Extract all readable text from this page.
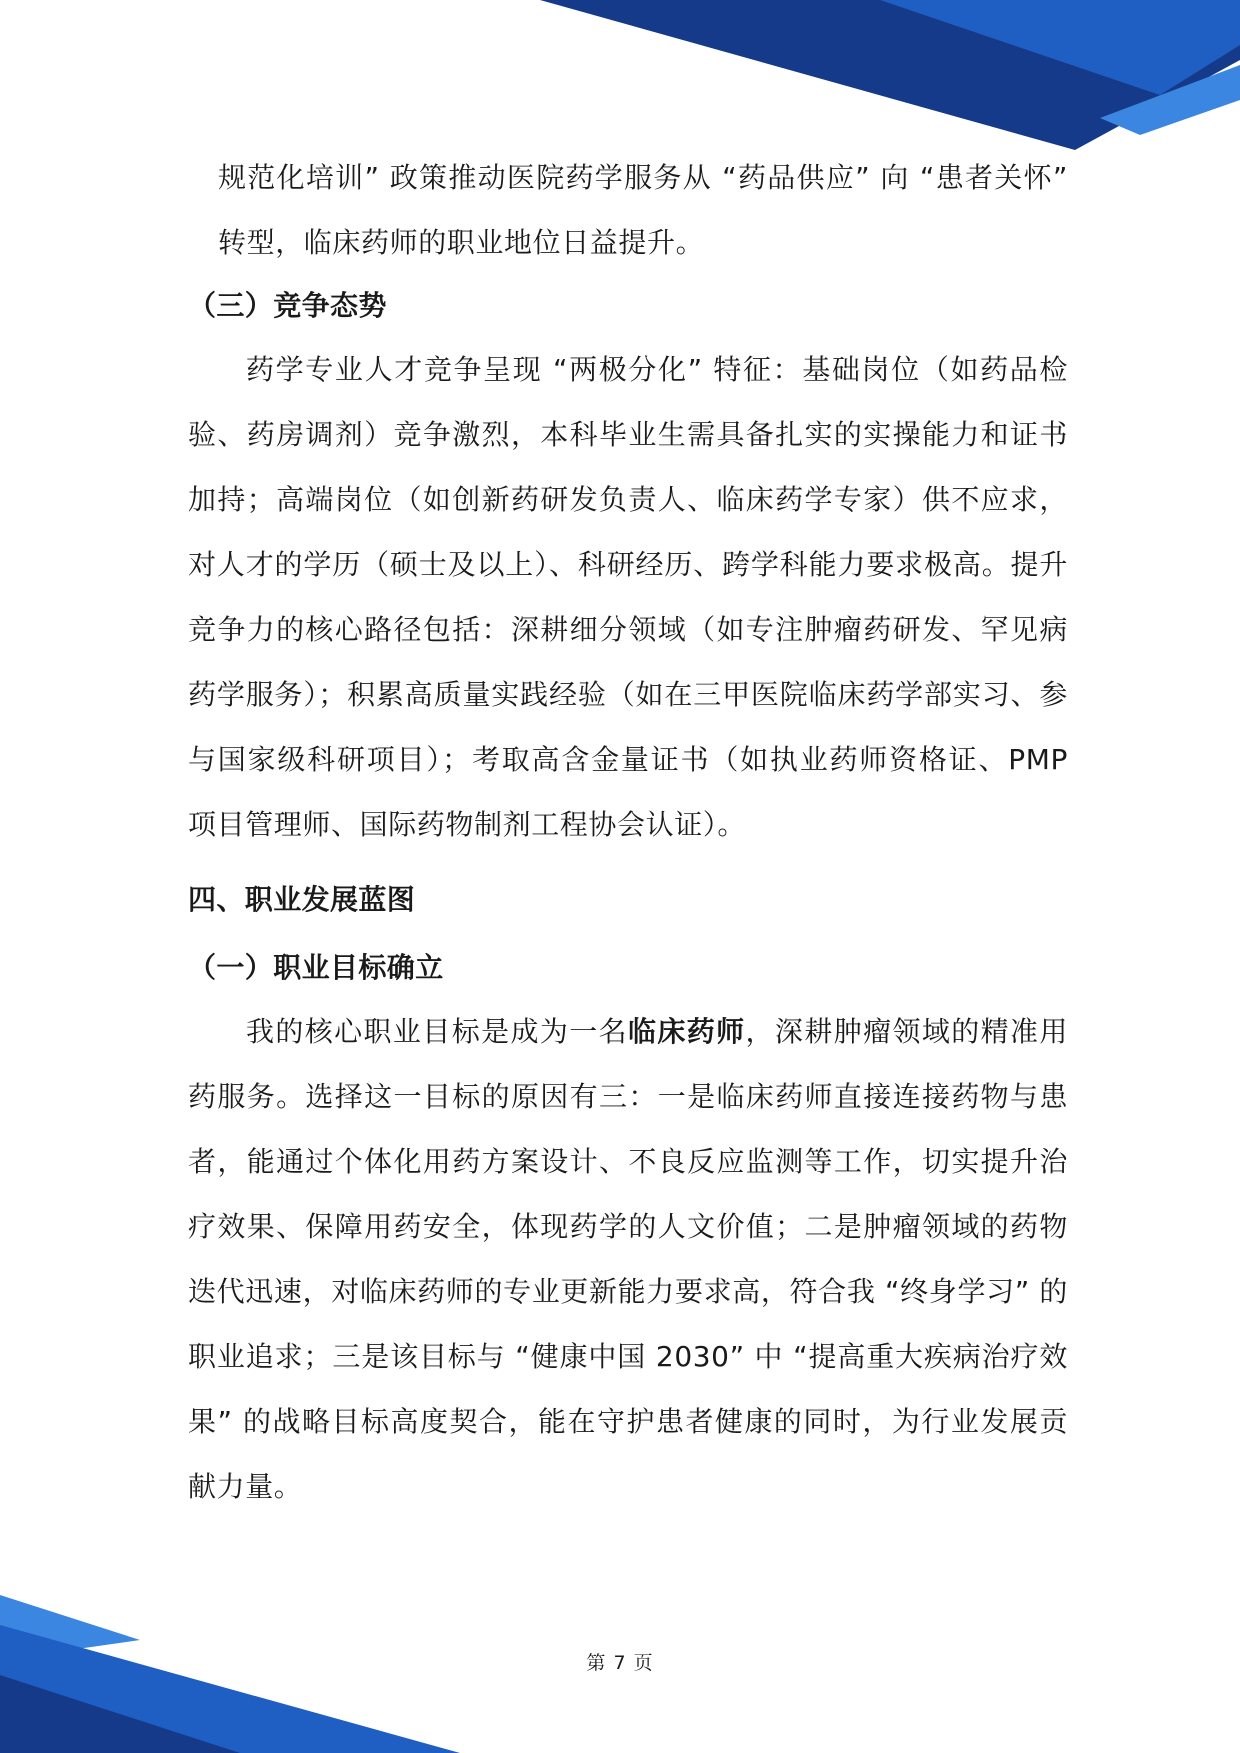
规范化培训” 政策推动医院药学服务从 “药品供应” 向 “患者关怀” 转型，临床药师的职业地位日益提升。

（三）竞争态势

药学专业人才竞争呈现 “两极分化” 特征：基础岗位（如药品检验、药房调剂）竞争激烈，本科毕业生需具备扎实的实操能力和证书加持；高端岗位（如创新药研发负责人、临床药学专家）供不应求，对人才的学历（硕士及以上）、科研经历、跨学科能力要求极高。提升竞争力的核心路径包括：深耕细分领域（如专注肿瘤药研发、罕见病药学服务）；积累高质量实践经验（如在三甲医院临床药学部实习、参与国家级科研项目）；考取高含金量证书（如执业药师资格证、PMP 项目管理师、国际药物制剂工程协会认证）。

四、职业发展蓝图
（一）职业目标确立

我的核心职业目标是成为一名临床药师，深耕肿瘤领域的精准用药服务。选择这一目标的原因有三：一是临床药师直接连接药物与患者，能通过个体化用药方案设计、不良反应监测等工作，切实提升治疗效果、保障用药安全，体现药学的人文价值；二是肿瘤领域的药物迭代迅速，对临床药师的专业更新能力要求高，符合我 “终身学习” 的职业追求；三是该目标与 “健康中国 2030” 中 “提高重大疾病治疗效果” 的战略目标高度契合，能在守护患者健康的同时，为行业发展贡献力量。

第 7 页
